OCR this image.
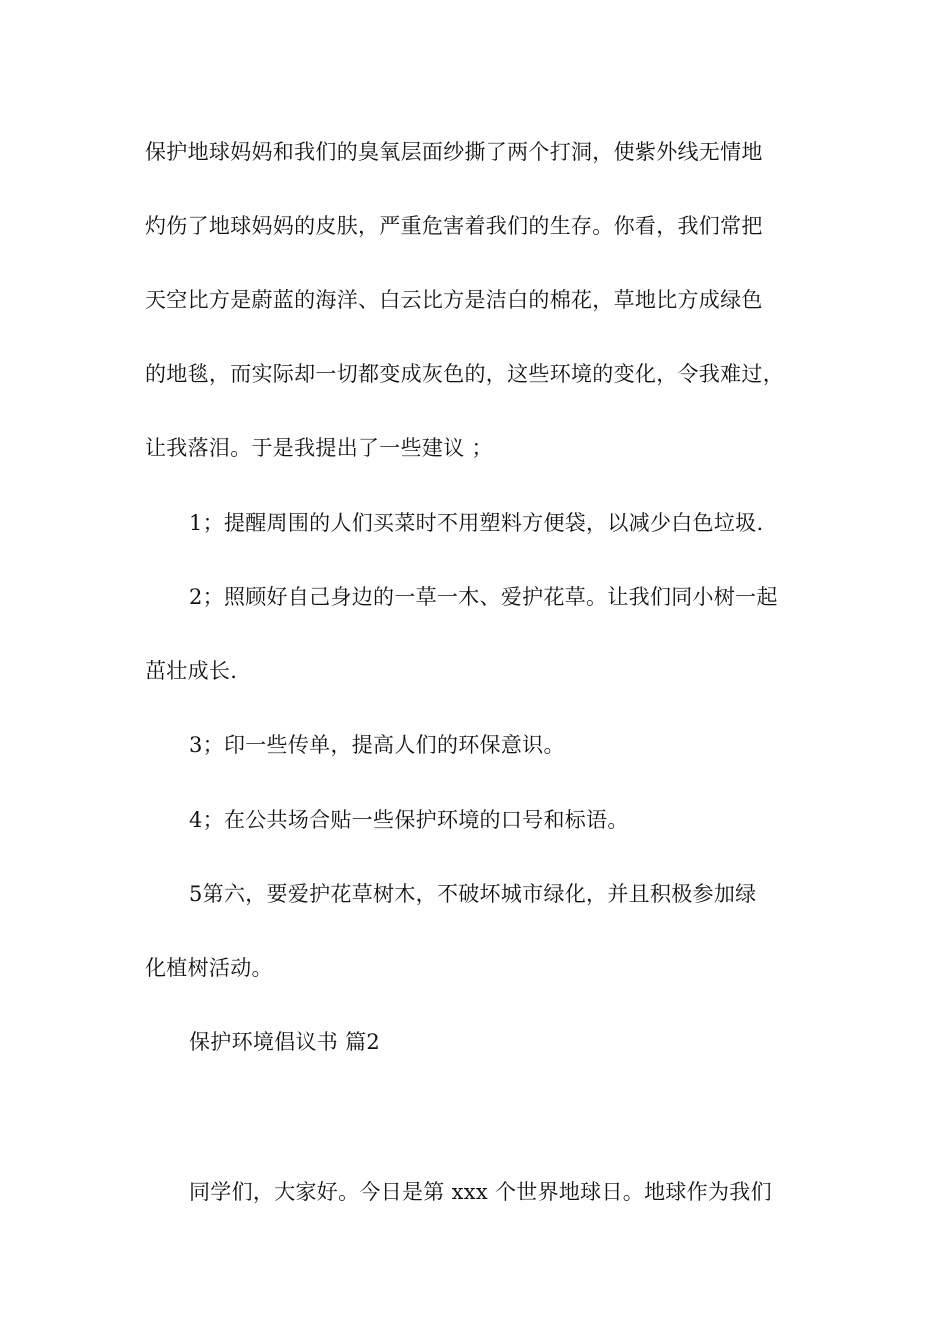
保护地球妈妈和我们的臭氧层面纱撕了两个打洞，使紫外线无情地
灼伤了地球妈妈的皮肤，严重危害着我们的生存。你看，我们常把
天空比方是蔚蓝的海洋、白云比方是洁白的棉花，草地比方成绿色
的地毯，而实际却一切都变成灰色的，这些环境的变化，令我难过，
让我落泪。于是我提出了一些建议 ；
1；提醒周围的人们买菜时不用塑料方便袋，以减少白色垃圾.
2；照顾好自己身边的一草一木、爱护花草。让我们同小树一起
茁壮成长.
3；印一些传单，提高人们的环保意识。
4；在公共场合贴一些保护环境的口号和标语。
5第六，要爱护花草树木，不破坏城市绿化，并且积极参加绿
化植树活动。
保护环境倡议书 篇2
同学们，大家好。今日是第 xxx 个世界地球日。地球作为我们
